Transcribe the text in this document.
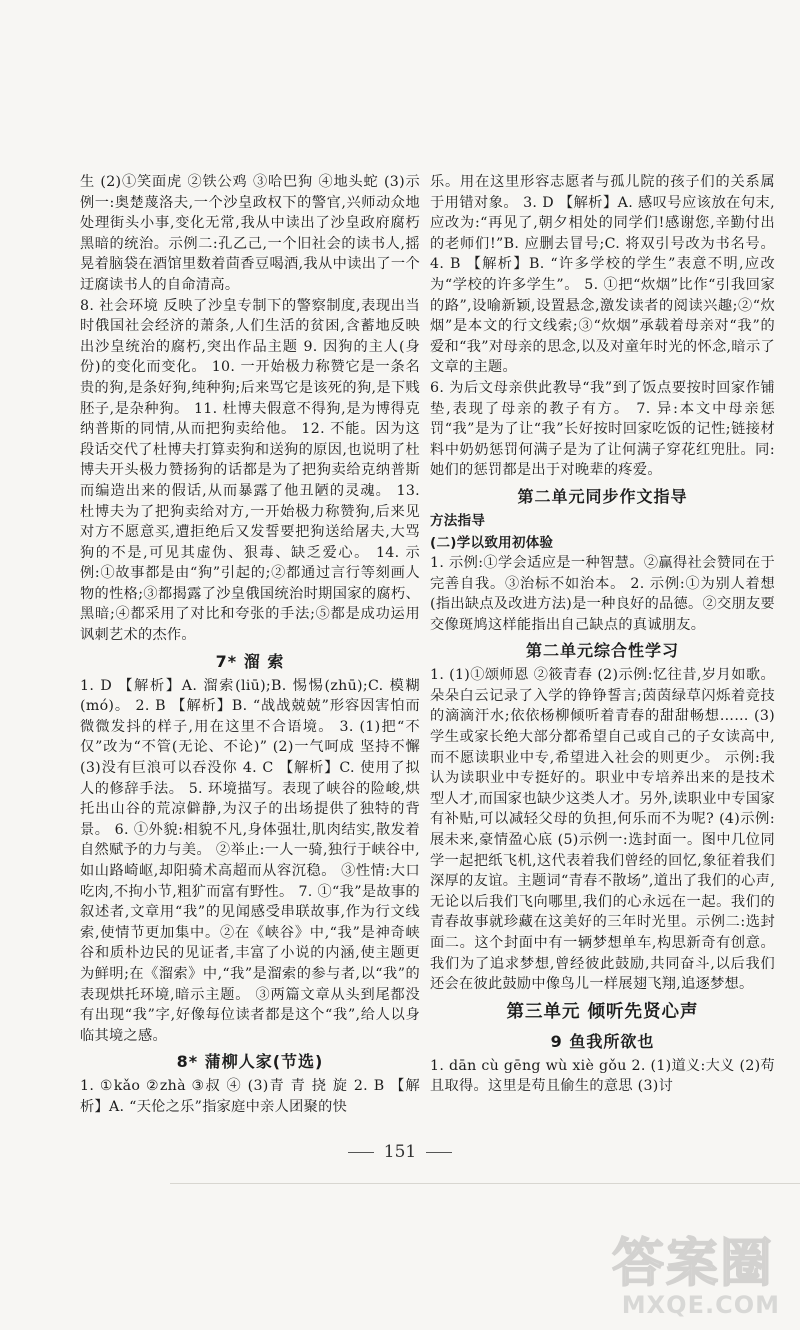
生 (2)①笑面虎 ②铁公鸡 ③哈巴狗 ④地头蛇 (3)示例一:奥楚蔑洛夫,一个沙皇政权下的警官,兴师动众地处理街头小事,变化无常,我从中读出了沙皇政府腐朽黑暗的统治。示例二:孔乙己,一个旧社会的读书人,摇晃着脑袋在酒馆里数着茴香豆喝酒,我从中读出了一个迂腐读书人的自命清高。

8. 社会环境 反映了沙皇专制下的警察制度,表现出当时俄国社会经济的萧条,人们生活的贫困,含蓄地反映出沙皇统治的腐朽,突出作品主题 9. 因狗的主人(身份)的变化而变化。 10. 一开始极力称赞它是一条名贵的狗,是条好狗,纯种狗;后来骂它是该死的狗,是下贱胚子,是杂种狗。 11. 杜博夫假意不得狗,是为博得克纳普斯的同情,从而把狗卖给他。 12. 不能。因为这段话交代了杜博夫打算卖狗和送狗的原因,也说明了杜博夫开头极力赞扬狗的话都是为了把狗卖给克纳普斯而编造出来的假话,从而暴露了他丑陋的灵魂。 13. 杜博夫为了把狗卖给对方,一开始极力称赞狗,后来见对方不愿意买,遭拒绝后又发誓要把狗送给屠夫,大骂狗的不是,可见其虚伪、狠毒、缺乏爱心。 14. 示例:①故事都是由“狗”引起的;②都通过言行等刻画人物的性格;③都揭露了沙皇俄国统治时期国家的腐朽、黑暗;④都采用了对比和夸张的手法;⑤都是成功运用讽刺艺术的杰作。

7* 溜 索

1. D 【解析】A. 溜索(liū);B. 惕惕(zhū);C. 模糊(mó)。 2. B 【解析】B. “战战兢兢”形容因害怕而微微发抖的样子,用在这里不合语境。 3. (1)把“不仅”改为“不管(无论、不论)” (2)一气呵成 坚持不懈 (3)没有巨浪可以吞没你 4. C 【解析】C. 使用了拟人的修辞手法。 5. 环境描写。表现了峡谷的险峻,烘托出山谷的荒凉僻静,为汉子的出场提供了独特的背景。 6. ①外貌:相貌不凡,身体强壮,肌肉结实,散发着自然赋予的力与美。 ②举止:一人一骑,独行于峡谷中,如山路崎岖,却阳骑术高超而从容沉稳。 ③性情:大口吃肉,不拘小节,粗犷而富有野性。 7. ①“我”是故事的叙述者,文章用“我”的见闻感受串联故事,作为行文线索,使情节更加集中。②在《峡谷》中,“我”是神奇峡谷和质朴边民的见证者,丰富了小说的内涵,使主题更为鲜明;在《溜索》中,“我”是溜索的参与者,以“我”的表现烘托环境,暗示主题。 ③两篇文章从头到尾都没有出现“我”字,好像每位读者都是这个“我”,给人以身临其境之感。

8* 蒲柳人家(节选)

1. ①kǎo ②zhà ③叔 ④ (3)青 青 挠 旋 2. B 【解析】A. “天伦之乐”指家庭中亲人团聚的快

乐。用在这里形容志愿者与孤儿院的孩子们的关系属于用错对象。 3. D 【解析】A. 感叹号应该放在句末,应改为:“再见了,朝夕相处的同学们!感谢您,辛勤付出的老师们!”B. 应删去冒号;C. 将双引号改为书名号。 4. B 【解析】B. “许多学校的学生”表意不明,应改为“学校的许多学生”。 5. ①把“炊烟”比作“引我回家的路”,设喻新颖,设置悬念,激发读者的阅读兴趣;②“炊烟”是本文的行文线索;③“炊烟”承载着母亲对“我”的爱和“我”对母亲的思念,以及对童年时光的怀念,暗示了文章的主题。

6. 为后文母亲供此教导“我”到了饭点要按时回家作铺垫,表现了母亲的教子有方。 7. 异:本文中母亲惩罚“我”是为了让“我”长好按时回家吃饭的记性;链接材料中奶奶惩罚何满子是为了让何满子穿花红兜肚。同:她们的惩罚都是出于对晚辈的疼爱。

第二单元同步作文指导
方法指导
(二)学以致用初体验

1. 示例:①学会适应是一种智慧。②赢得社会赞同在于完善自我。③治标不如治本。 2. 示例:①为别人着想(指出缺点及改进方法)是一种良好的品德。②交朋友要交像斑鸠这样能指出自己缺点的真诚朋友。

第二单元综合性学习

1. (1)①颂师恩 ②筱青春 (2)示例:忆往昔,岁月如歌。朵朵白云记录了入学的铮铮誓言;茵茵绿草闪烁着竞技的滴滴汗水;依依杨柳倾听着青春的甜甜畅想…… (3)学生或家长绝大部分都希望自己或自己的子女读高中,而不愿读职业中专,希望进入社会的则更少。 示例:我认为读职业中专挺好的。职业中专培养出来的是技术型人才,而国家也缺少这类人才。另外,读职业中专国家有补贴,可以减轻父母的负担,何乐而不为呢? (4)示例:展未来,豪情盈心底 (5)示例一:选封面一。图中几位同学一起把纸飞机,这代表着我们曾经的回忆,象征着我们深厚的友谊。主题词“青春不散场”,道出了我们的心声,无论以后我们飞向哪里,我们的心永远在一起。我们的青春故事就珍藏在这美好的三年时光里。示例二:选封面二。这个封面中有一辆梦想单车,构思新奇有创意。我们为了追求梦想,曾经彼此鼓励,共同奋斗,以后我们还会在彼此鼓励中像鸟儿一样展翅飞翔,追逐梦想。

第三单元 倾听先贤心声
9 鱼我所欲也

1. dān cù gēng wù xiè gǒu 2. (1)道义:大义 (2)苟且取得。这里是苟且偷生的意思 (3)讨

151
答案圈
MXQE.COM
